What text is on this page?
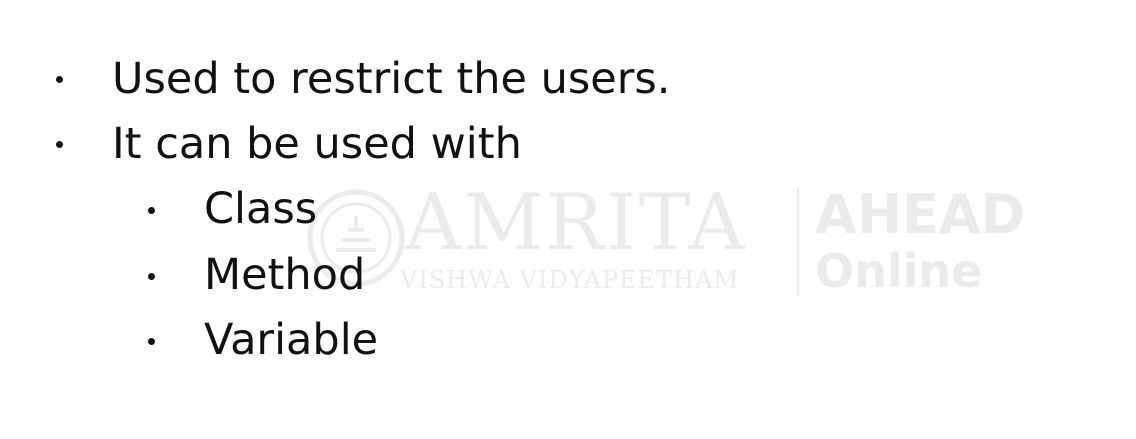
AMRITA
VISHWA VIDYAPEETHAM
AHEAD
Online
Used to restrict the users.
It can be used with
Class
Method
Variable
